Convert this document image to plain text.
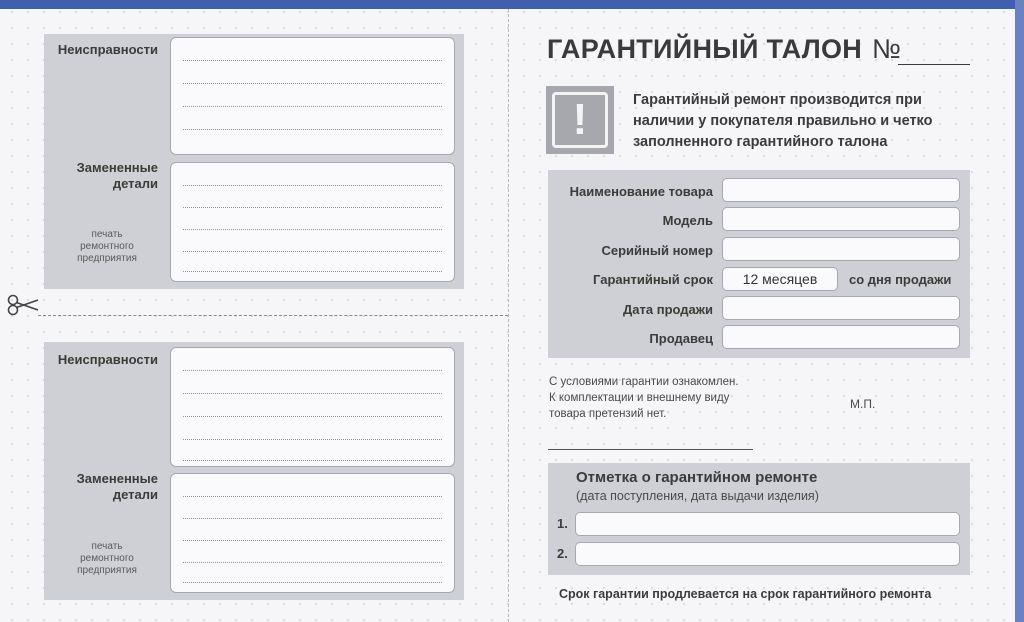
Неисправности
Замененные
детали
печать
ремонтного
предприятия
Неисправности
Замененные
детали
печать
ремонтного
предприятия
ГАРАНТИЙНЫЙ ТАЛОН №
!	Гарантийный ремонт производится при наличии у покупателя правильно и четко заполненного гарантийного талона
Наименование товара
Модель
Серийный номер
Гарантийный срок	12 месяцев	со дня продажи
Дата продажи
Продавец
С условиями гарантии ознакомлен.
К комплектации и внешнему виду
товара претензий нет.
М.П.
Отметка о гарантийном ремонте
(дата поступления, дата выдачи изделия)
1.
2.
Срок гарантии продлевается на срок гарантийного ремонта
